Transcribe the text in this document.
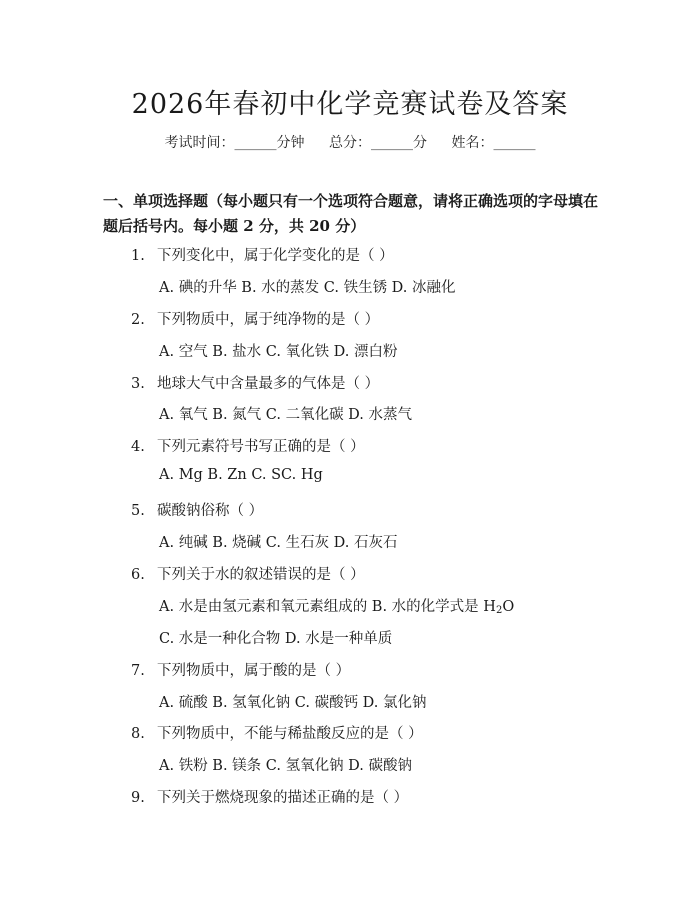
2026年春初中化学竞赛试卷及答案
考试时间：______分钟 总分：______分 姓名：______
一、单项选择题（每小题只有一个选项符合题意，请将正确选项的字母填在题后括号内。每小题 2 分，共 20 分）
1. 下列变化中，属于化学变化的是（ ）
A. 碘的升华 B. 水的蒸发 C. 铁生锈 D. 冰融化
2. 下列物质中，属于纯净物的是（ ）
A. 空气 B. 盐水 C. 氧化铁 D. 漂白粉
3. 地球大气中含量最多的气体是（ ）
A. 氧气 B. 氮气 C. 二氧化碳 D. 水蒸气
4. 下列元素符号书写正确的是（ ）
A. Mg B. Zn C. SC. Hg
5. 碳酸钠俗称（ ）
A. 纯碱 B. 烧碱 C. 生石灰 D. 石灰石
6. 下列关于水的叙述错误的是（ ）
A. 水是由氢元素和氧元素组成的 B. 水的化学式是 $H_2O$
C. 水是一种化合物 D. 水是一种单质
7. 下列物质中，属于酸的是（ ）
A. 硫酸 B. 氢氧化钠 C. 碳酸钙 D. 氯化钠
8. 下列物质中，不能与稀盐酸反应的是（ ）
A. 铁粉 B. 镁条 C. 氢氧化钠 D. 碳酸钠
9. 下列关于燃烧现象的描述正确的是（ ）
